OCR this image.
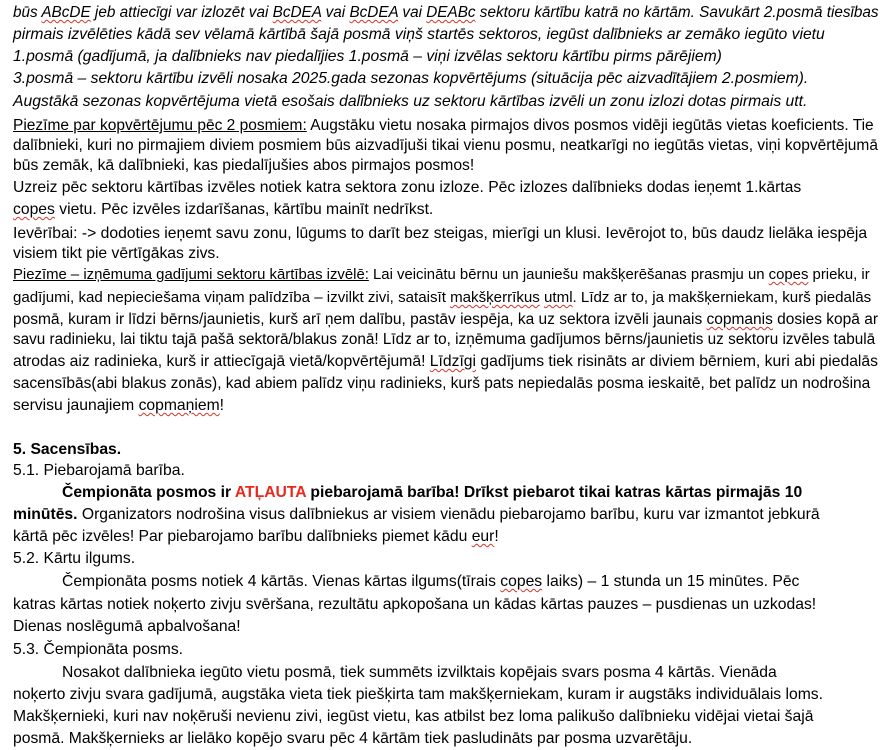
būs ABcDE jeb attiecīgi var izlozēt vai BcDEA vai BcDEA vai DEABc sektoru kārtību katrā no kārtām. Savukārt 2.posmā tiesības
pirmais izvēlēties kādā sev vēlamā kārtībā šajā posmā viņš startēs sektoros, iegūst dalībnieks ar zemāko iegūto vietu
1.posmā (gadījumā, ja dalībnieks nav piedalījies 1.posmā – viņi izvēlas sektoru kārtību pirms pārējiem)
3.posmā – sektoru kārtību izvēli nosaka 2025.gada sezonas kopvērtējums (situācija pēc aizvadītājiem 2.posmiem).
Augstākā sezonas kopvērtējuma vietā esošais dalībnieks uz sektoru kārtības izvēli un zonu izlozi dotas pirmais utt.
Piezīme par kopvērtējumu pēc 2 posmiem: Augstāku vietu nosaka pirmajos divos posmos vidēji iegūtās vietas koeficients. Tie
dalībnieki, kuri no pirmajiem diviem posmiem būs aizvadījuši tikai vienu posmu, neatkarīgi no iegūtās vietas, viņi kopvērtējumā
būs zemāk, kā dalībnieki, kas piedalījušies abos pirmajos posmos!
Uzreiz pēc sektoru kārtības izvēles notiek katra sektora zonu izloze. Pēc izlozes dalībnieks dodas ieņemt 1.kārtas
copes vietu. Pēc izvēles izdarīšanas, kārtību mainīt nedrīkst.
Ievērībai: -> dodoties ieņemt savu zonu, lūgums to darīt bez steigas, mierīgi un klusi. Ievērojot to, būs daudz lielāka iespēja
visiem tikt pie vērtīgākas zivs.
Piezīme – izņēmuma gadījumi sektoru kārtības izvēlē: Lai veicinātu bērnu un jauniešu makšķerēšanas prasmju un copes prieku, ir
gadījumi, kad nepieciešama viņam palīdzība – izvilkt zivi, sataisīt makšķerrīkus utml. Līdz ar to, ja makšķerniekam, kurš piedalās
posmā, kuram ir līdzi bērns/jaunietis, kurš arī ņem dalību, pastāv iespēja, ka uz sektora izvēli jaunais copmanis dosies kopā ar
savu radinieku, lai tiktu tajā pašā sektorā/blakus zonā! Līdz ar to, izņēmuma gadījumos bērns/jaunietis uz sektoru izvēles tabulā
atrodas aiz radinieka, kurš ir attiecīgajā vietā/kopvērtējumā! Līdzīgi gadījums tiek risināts ar diviem bērniem, kuri abi piedalās
sacensībās(abi blakus zonās), kad abiem palīdz viņu radinieks, kurš pats nepiedalās posma ieskaitē, bet palīdz un nodrošina
servisu jaunajiem copmaņiem!
5. Sacensības.
5.1. Piebarojamā barība.
Čempionāta posmos ir ATĻAUTA piebarojamā barība! Drīkst piebarot tikai katras kārtas pirmajās 10
minūtēs. Organizators nodrošina visus dalībniekus ar visiem vienādu piebarojamo barību, kuru var izmantot jebkurā
kārtā pēc izvēles! Par piebarojamo barību dalībnieks piemet kādu eur!
5.2. Kārtu ilgums.
Čempionāta posms notiek 4 kārtās. Vienas kārtas ilgums(tīrais copes laiks) – 1 stunda un 15 minūtes. Pēc
katras kārtas notiek noķerto zivju svēršana, rezultātu apkopošana un kādas kārtas pauzes – pusdienas un uzkodas!
Dienas noslēgumā apbalvošana!
5.3. Čempionāta posms.
Nosakot dalībnieka iegūto vietu posmā, tiek summēts izvilktais kopējais svars posma 4 kārtās. Vienāda
noķerto zivju svara gadījumā, augstāka vieta tiek piešķirta tam makšķerniekam, kuram ir augstāks individuālais loms.
Makšķernieki, kuri nav noķēruši nevienu zivi, iegūst vietu, kas atbilst bez loma palikušo dalībnieku vidējai vietai šajā
posmā. Makšķernieks ar lielāko kopējo svaru pēc 4 kārtām tiek pasludināts par posma uzvarētāju.
